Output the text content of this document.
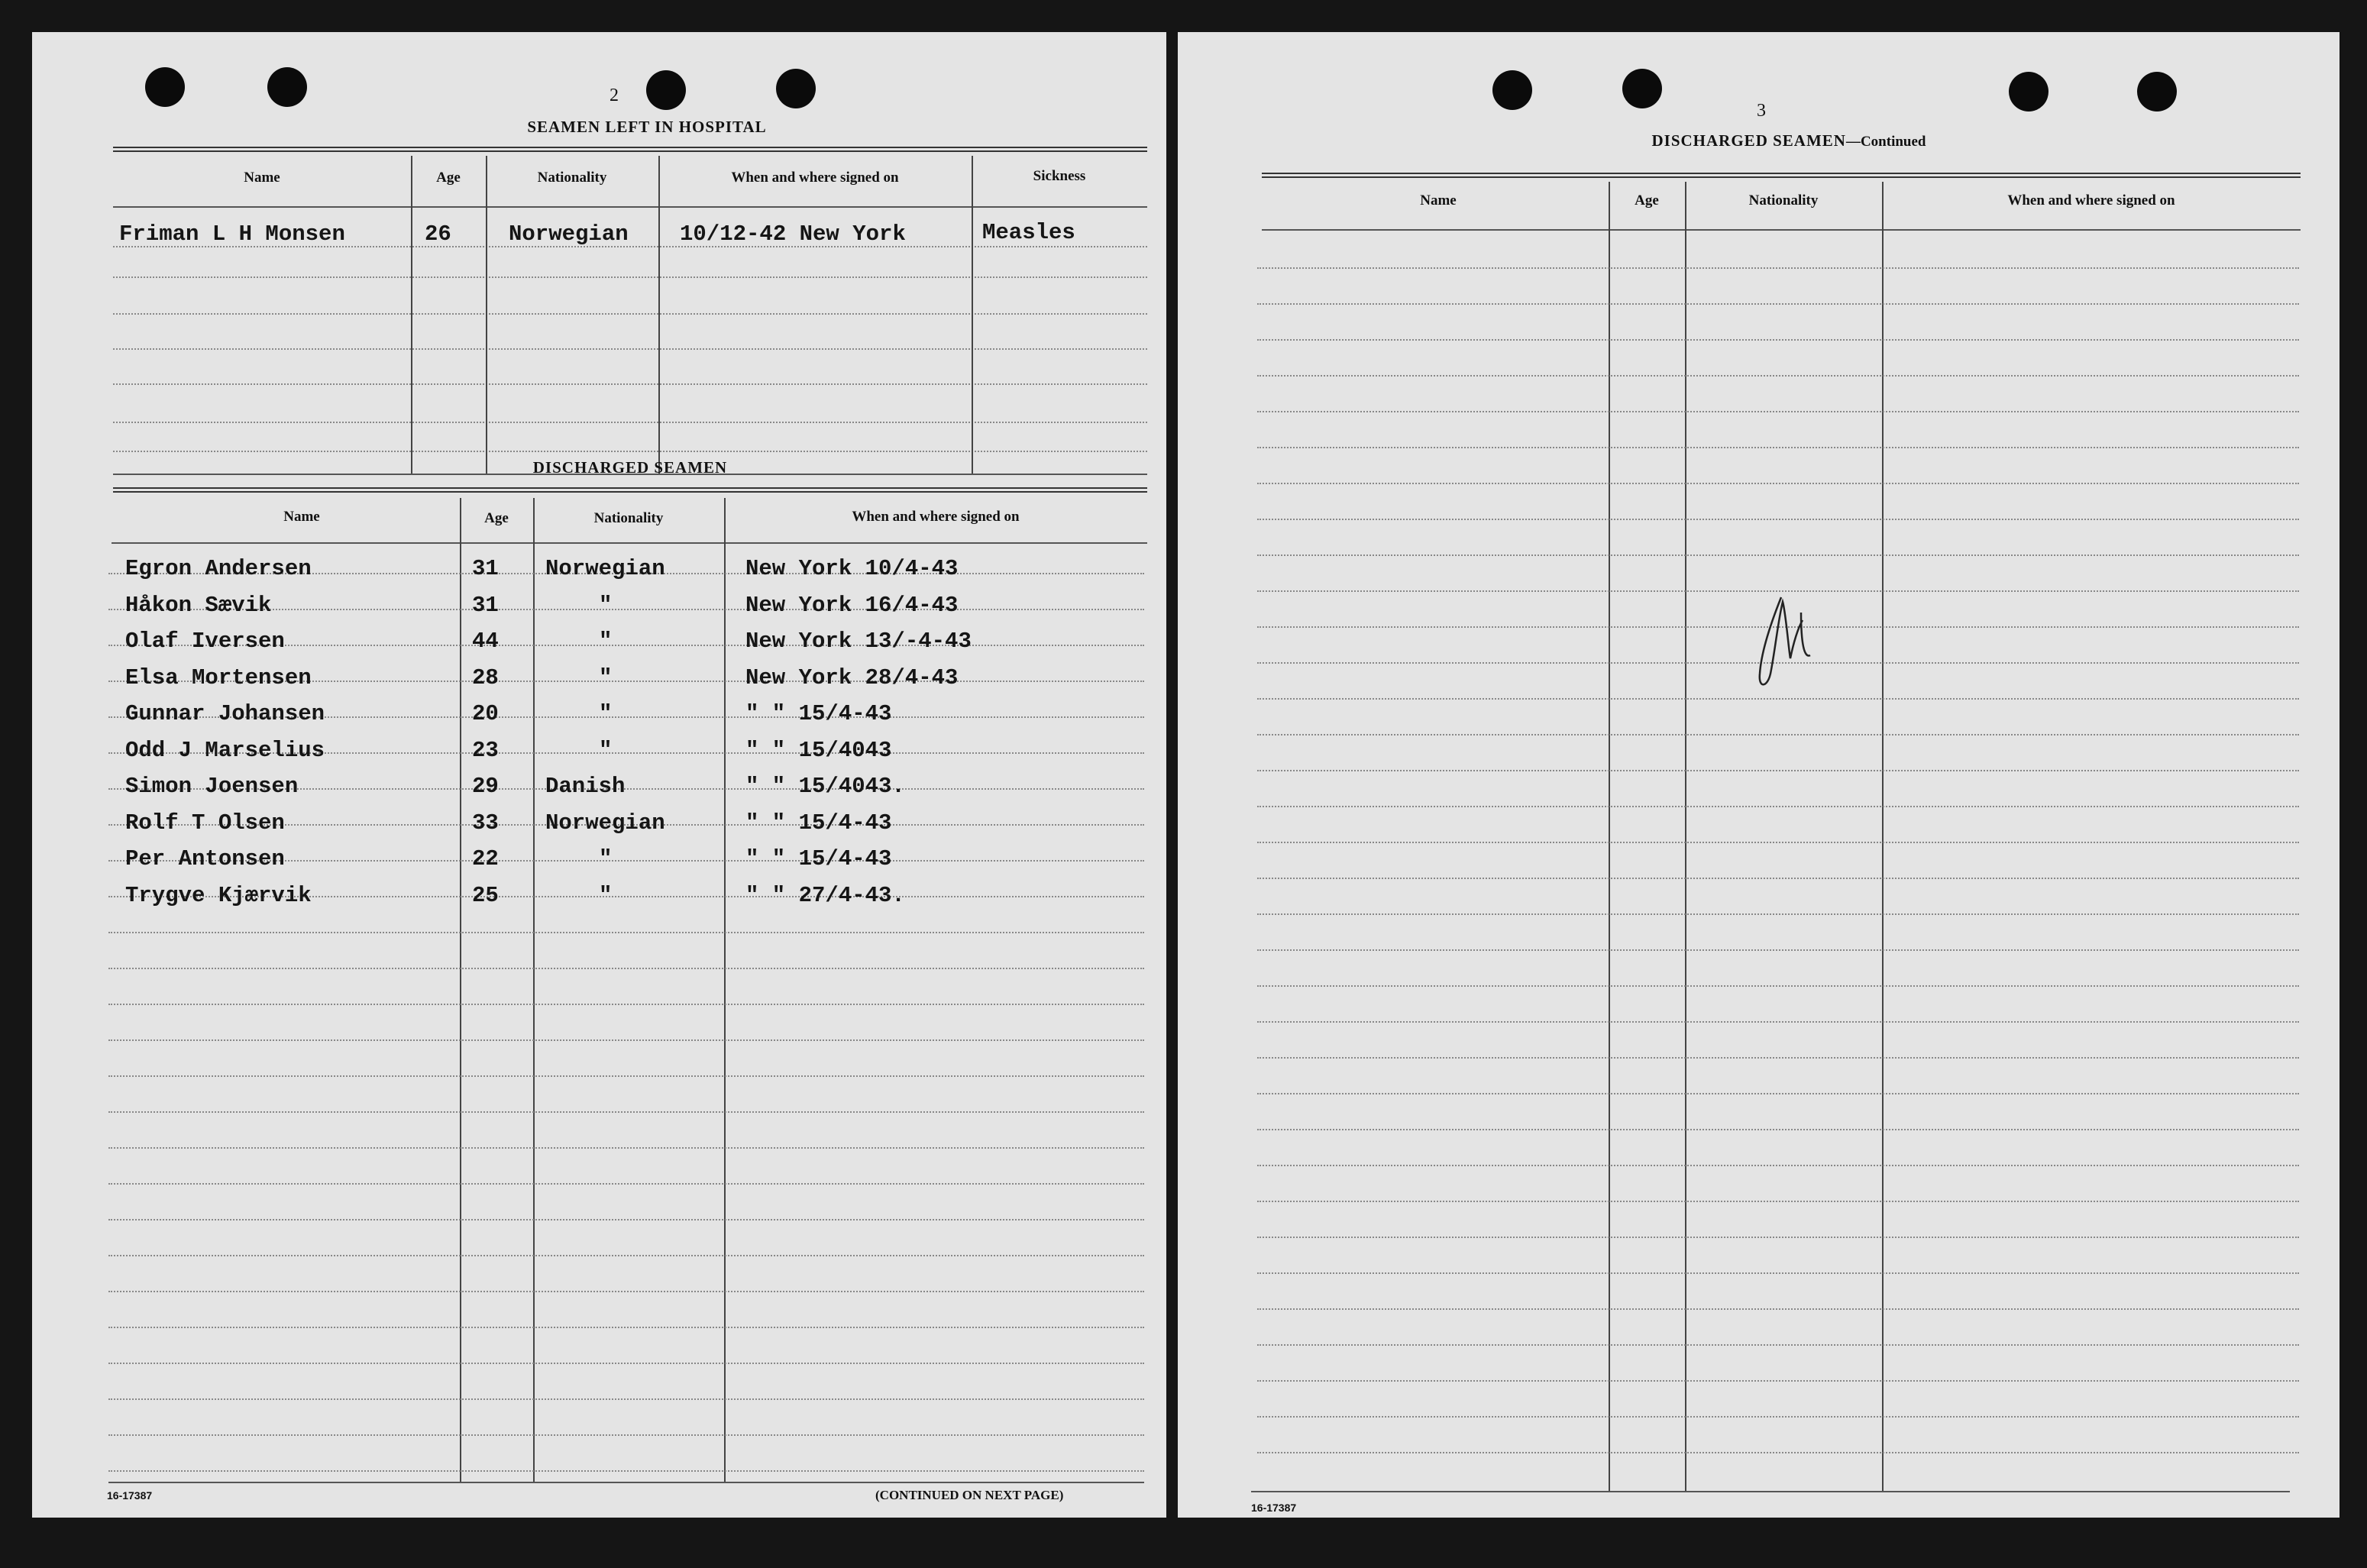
2
SEAMEN LEFT IN HOSPITAL
Name	Age	Nationality	When and where signed on	Sickness
Friman L H Monsen	26	Norwegian 10/12-42 New York	Measles
DISCHARGED SEAMEN
Name	Age	Nationality	When and where signed on
Egron Andersen	31 Norwegian	New York 10/4-43
Håkon Sævik	31	"	New York 16/4-43
Olaf Iversen	44	"	New York 13/-4-43
Elsa Mortensen	28	"	New York 28/4-43
Gunnar Johansen	20	"	" " 15/4-43
Odd J Marselius	23	"	" " 15/4043
Simon Joensen	29 Danish	" " 15/4043.
Rolf T Olsen	33 Norwegian	" " 15/4-43
Per Antonsen	22	"	" " 15/4-43
Trygve Kjærvik	25	"	" " 27/4-43.
16-17387	(CONTINUED ON NEXT PAGE)
3
DISCHARGED SEAMEN—Continued
Name	Age	Nationality	When and where signed on
16-17387
